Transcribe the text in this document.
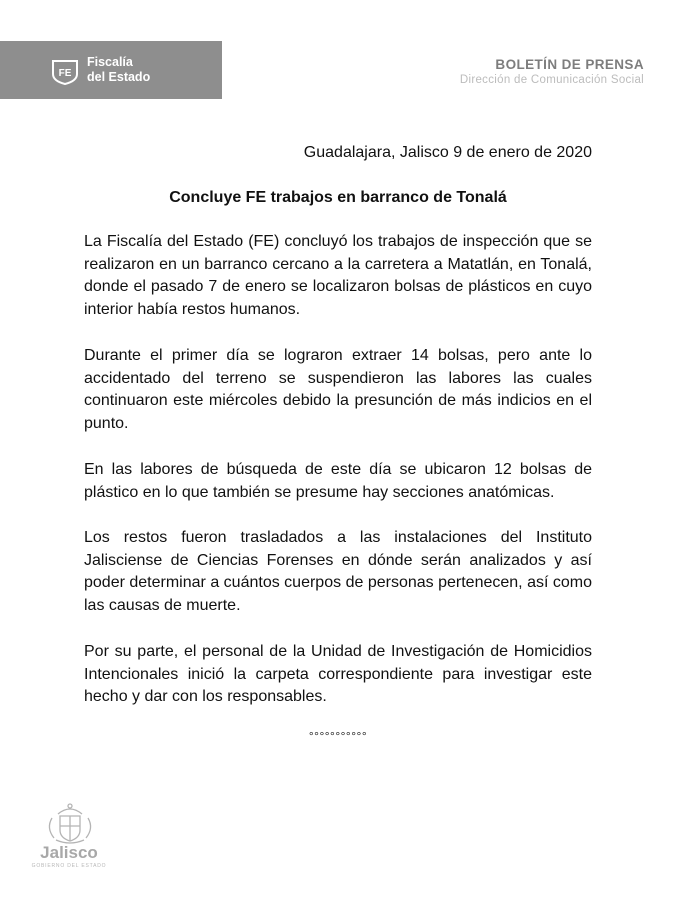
FE
Fiscalía
del Estado
BOLETÍN DE PRENSA
Dirección de Comunicación Social
Guadalajara, Jalisco 9 de enero de 2020
Concluye FE trabajos en barranco de Tonalá

La Fiscalía del Estado (FE) concluyó los trabajos de inspección que se realizaron en un barranco cercano a la carretera a Matatlán, en Tonalá, donde el pasado 7 de enero se localizaron bolsas de plásticos en cuyo interior había restos humanos.

Durante el primer día se lograron extraer 14 bolsas, pero ante lo accidentado del terreno se suspendieron las labores las cuales continuaron este miércoles debido la presunción de más indicios en el punto.

En las labores de búsqueda de este día se ubicaron 12 bolsas de plástico en lo que también se presume hay secciones anatómicas.

Los restos fueron trasladados a las instalaciones del Instituto Jalisciense de Ciencias Forenses en dónde serán analizados y así poder determinar a cuántos cuerpos de personas pertenecen, así como las causas de muerte.

Por su parte, el personal de la Unidad de Investigación de Homicidios Intencionales inició la carpeta correspondiente para investigar este hecho y dar con los responsables.

°°°°°°°°°°°
Jalisco
GOBIERNO DEL ESTADO
